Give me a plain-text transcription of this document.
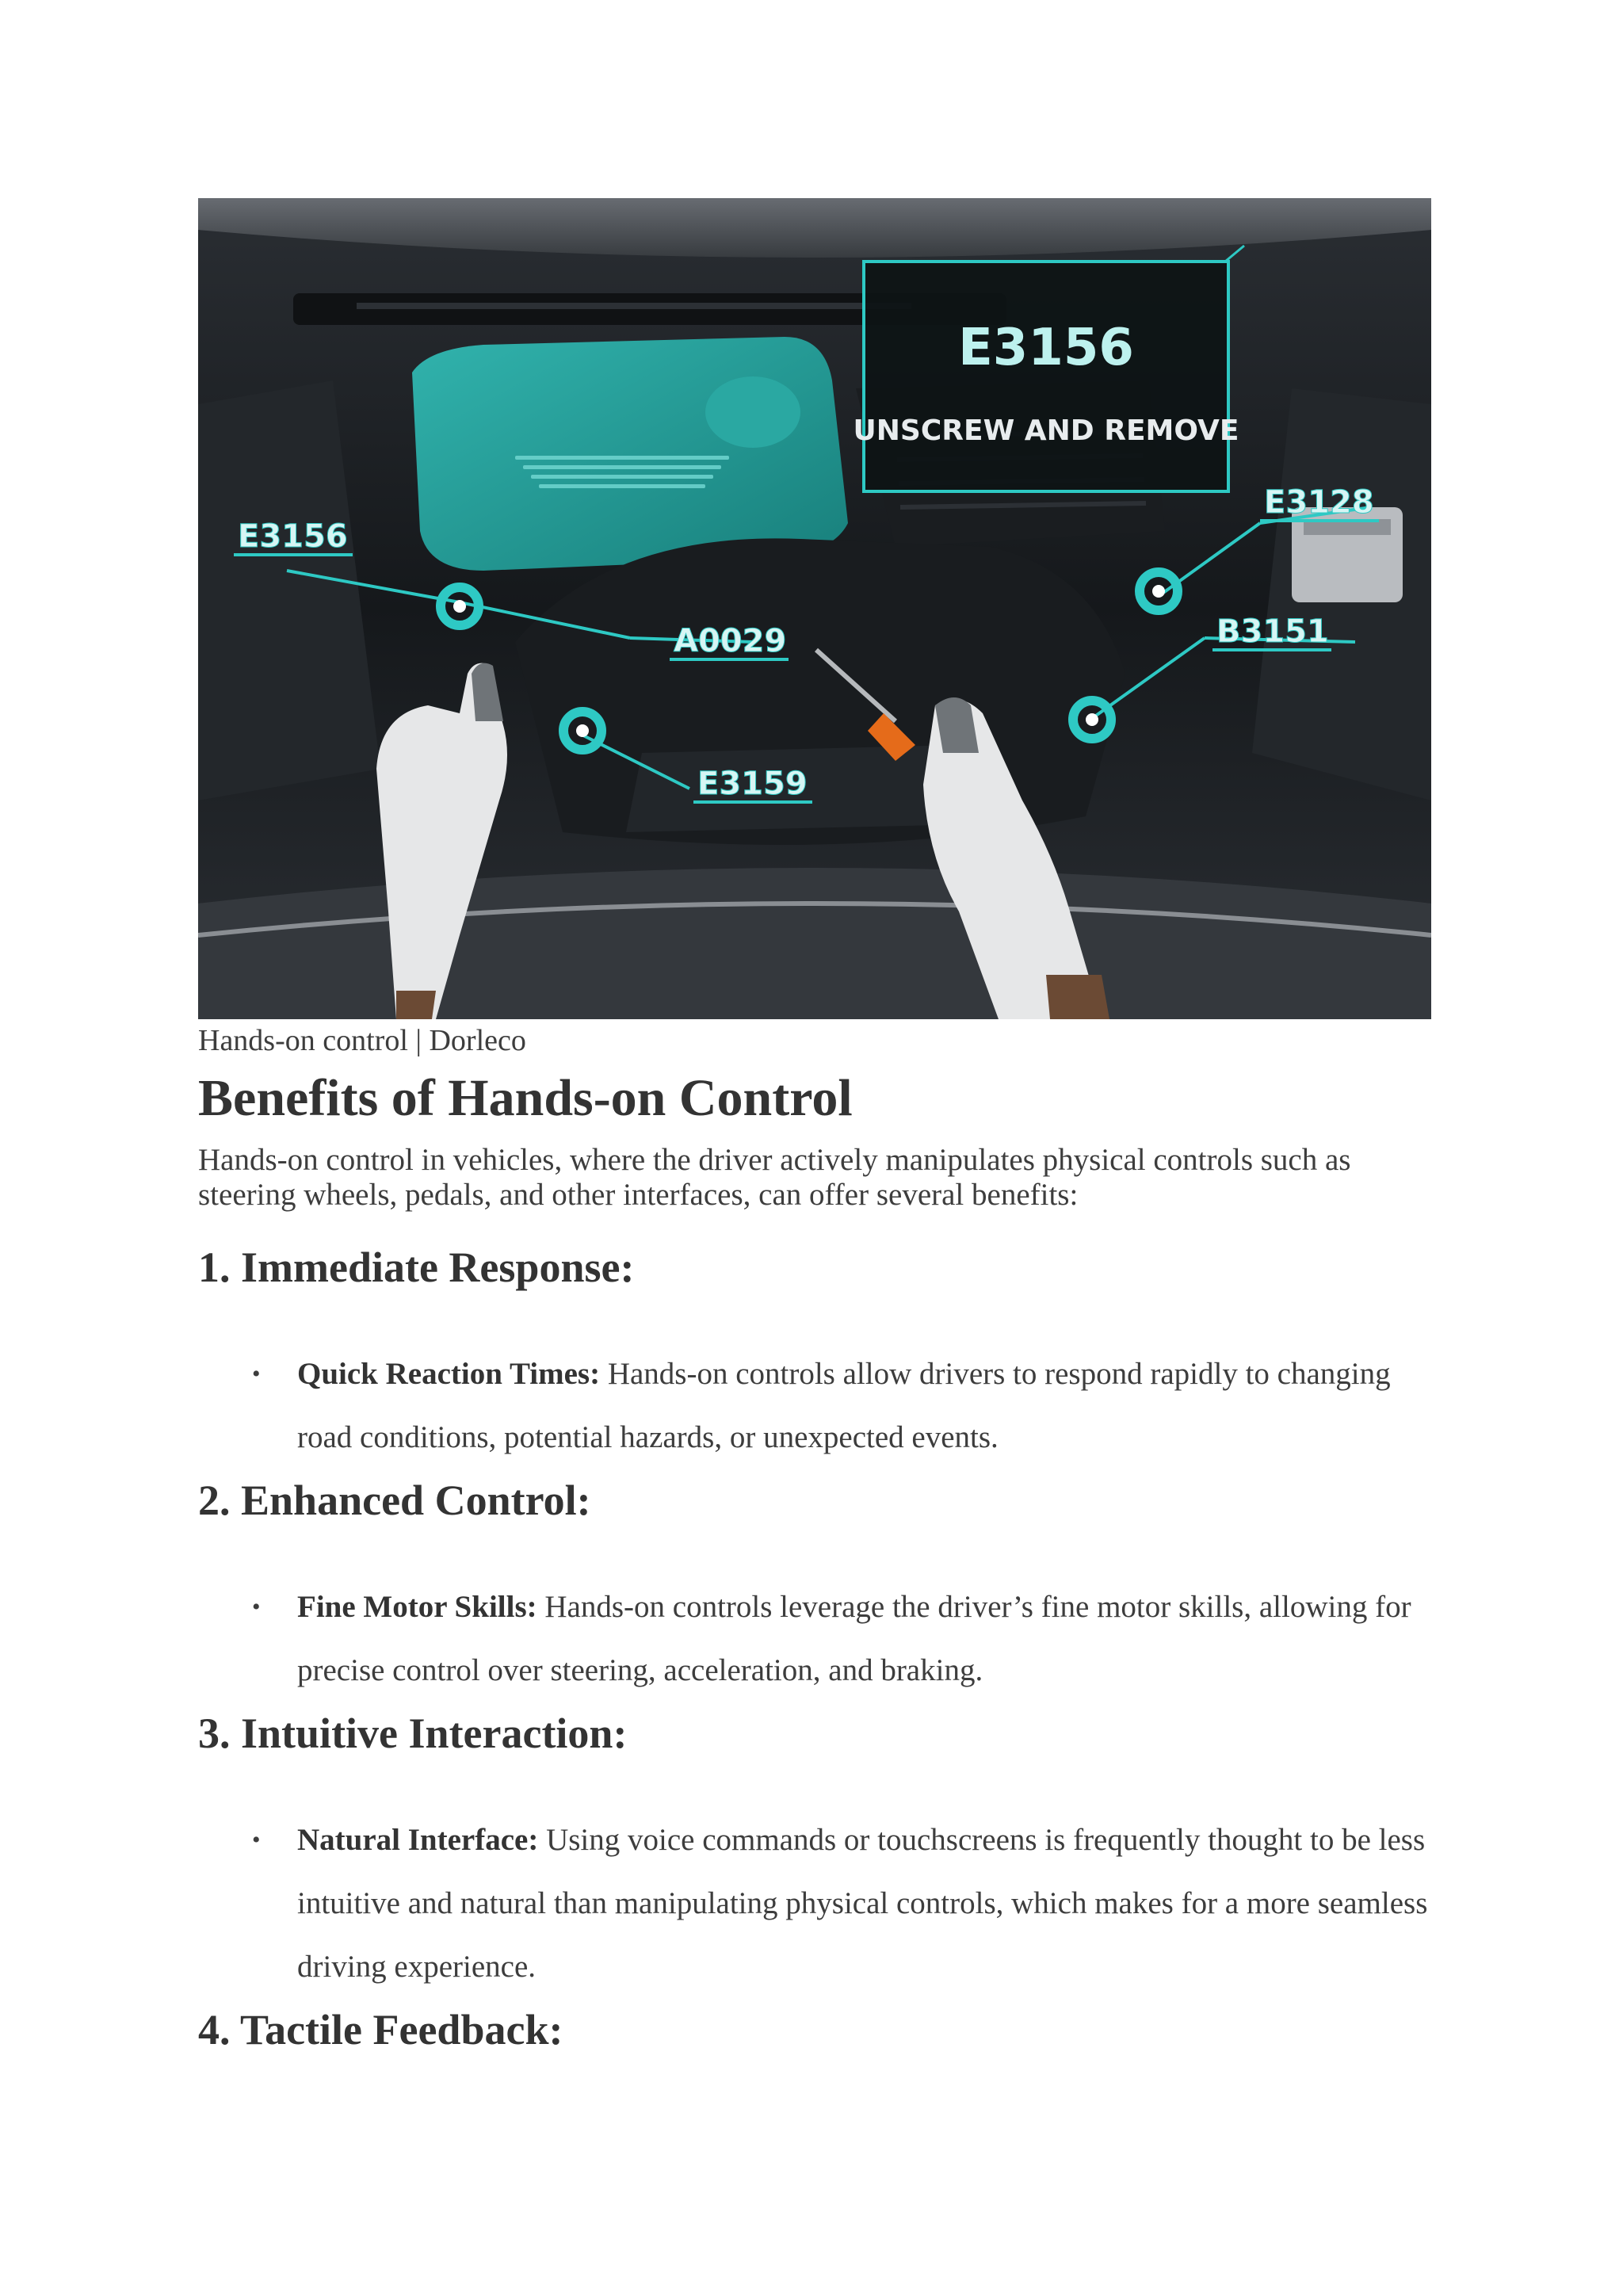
E3156
A0029
E3159
E3128
B3151
E3156
UNSCREW AND REMOVE
Hands-on control | Dorleco
Benefits of Hands-on Control

Hands-on control in vehicles, where the driver actively manipulates physical controls such as steering wheels, pedals, and other interfaces, can offer several benefits:

1. Immediate Response:
• Quick Reaction Times: Hands-on controls allow drivers to respond rapidly to changing road conditions, potential hazards, or unexpected events.
2. Enhanced Control:
• Fine Motor Skills: Hands-on controls leverage the driver’s fine motor skills, allowing for precise control over steering, acceleration, and braking.
3. Intuitive Interaction:
• Natural Interface: Using voice commands or touchscreens is frequently thought to be less intuitive and natural than manipulating physical controls, which makes for a more seamless driving experience.
4. Tactile Feedback:
